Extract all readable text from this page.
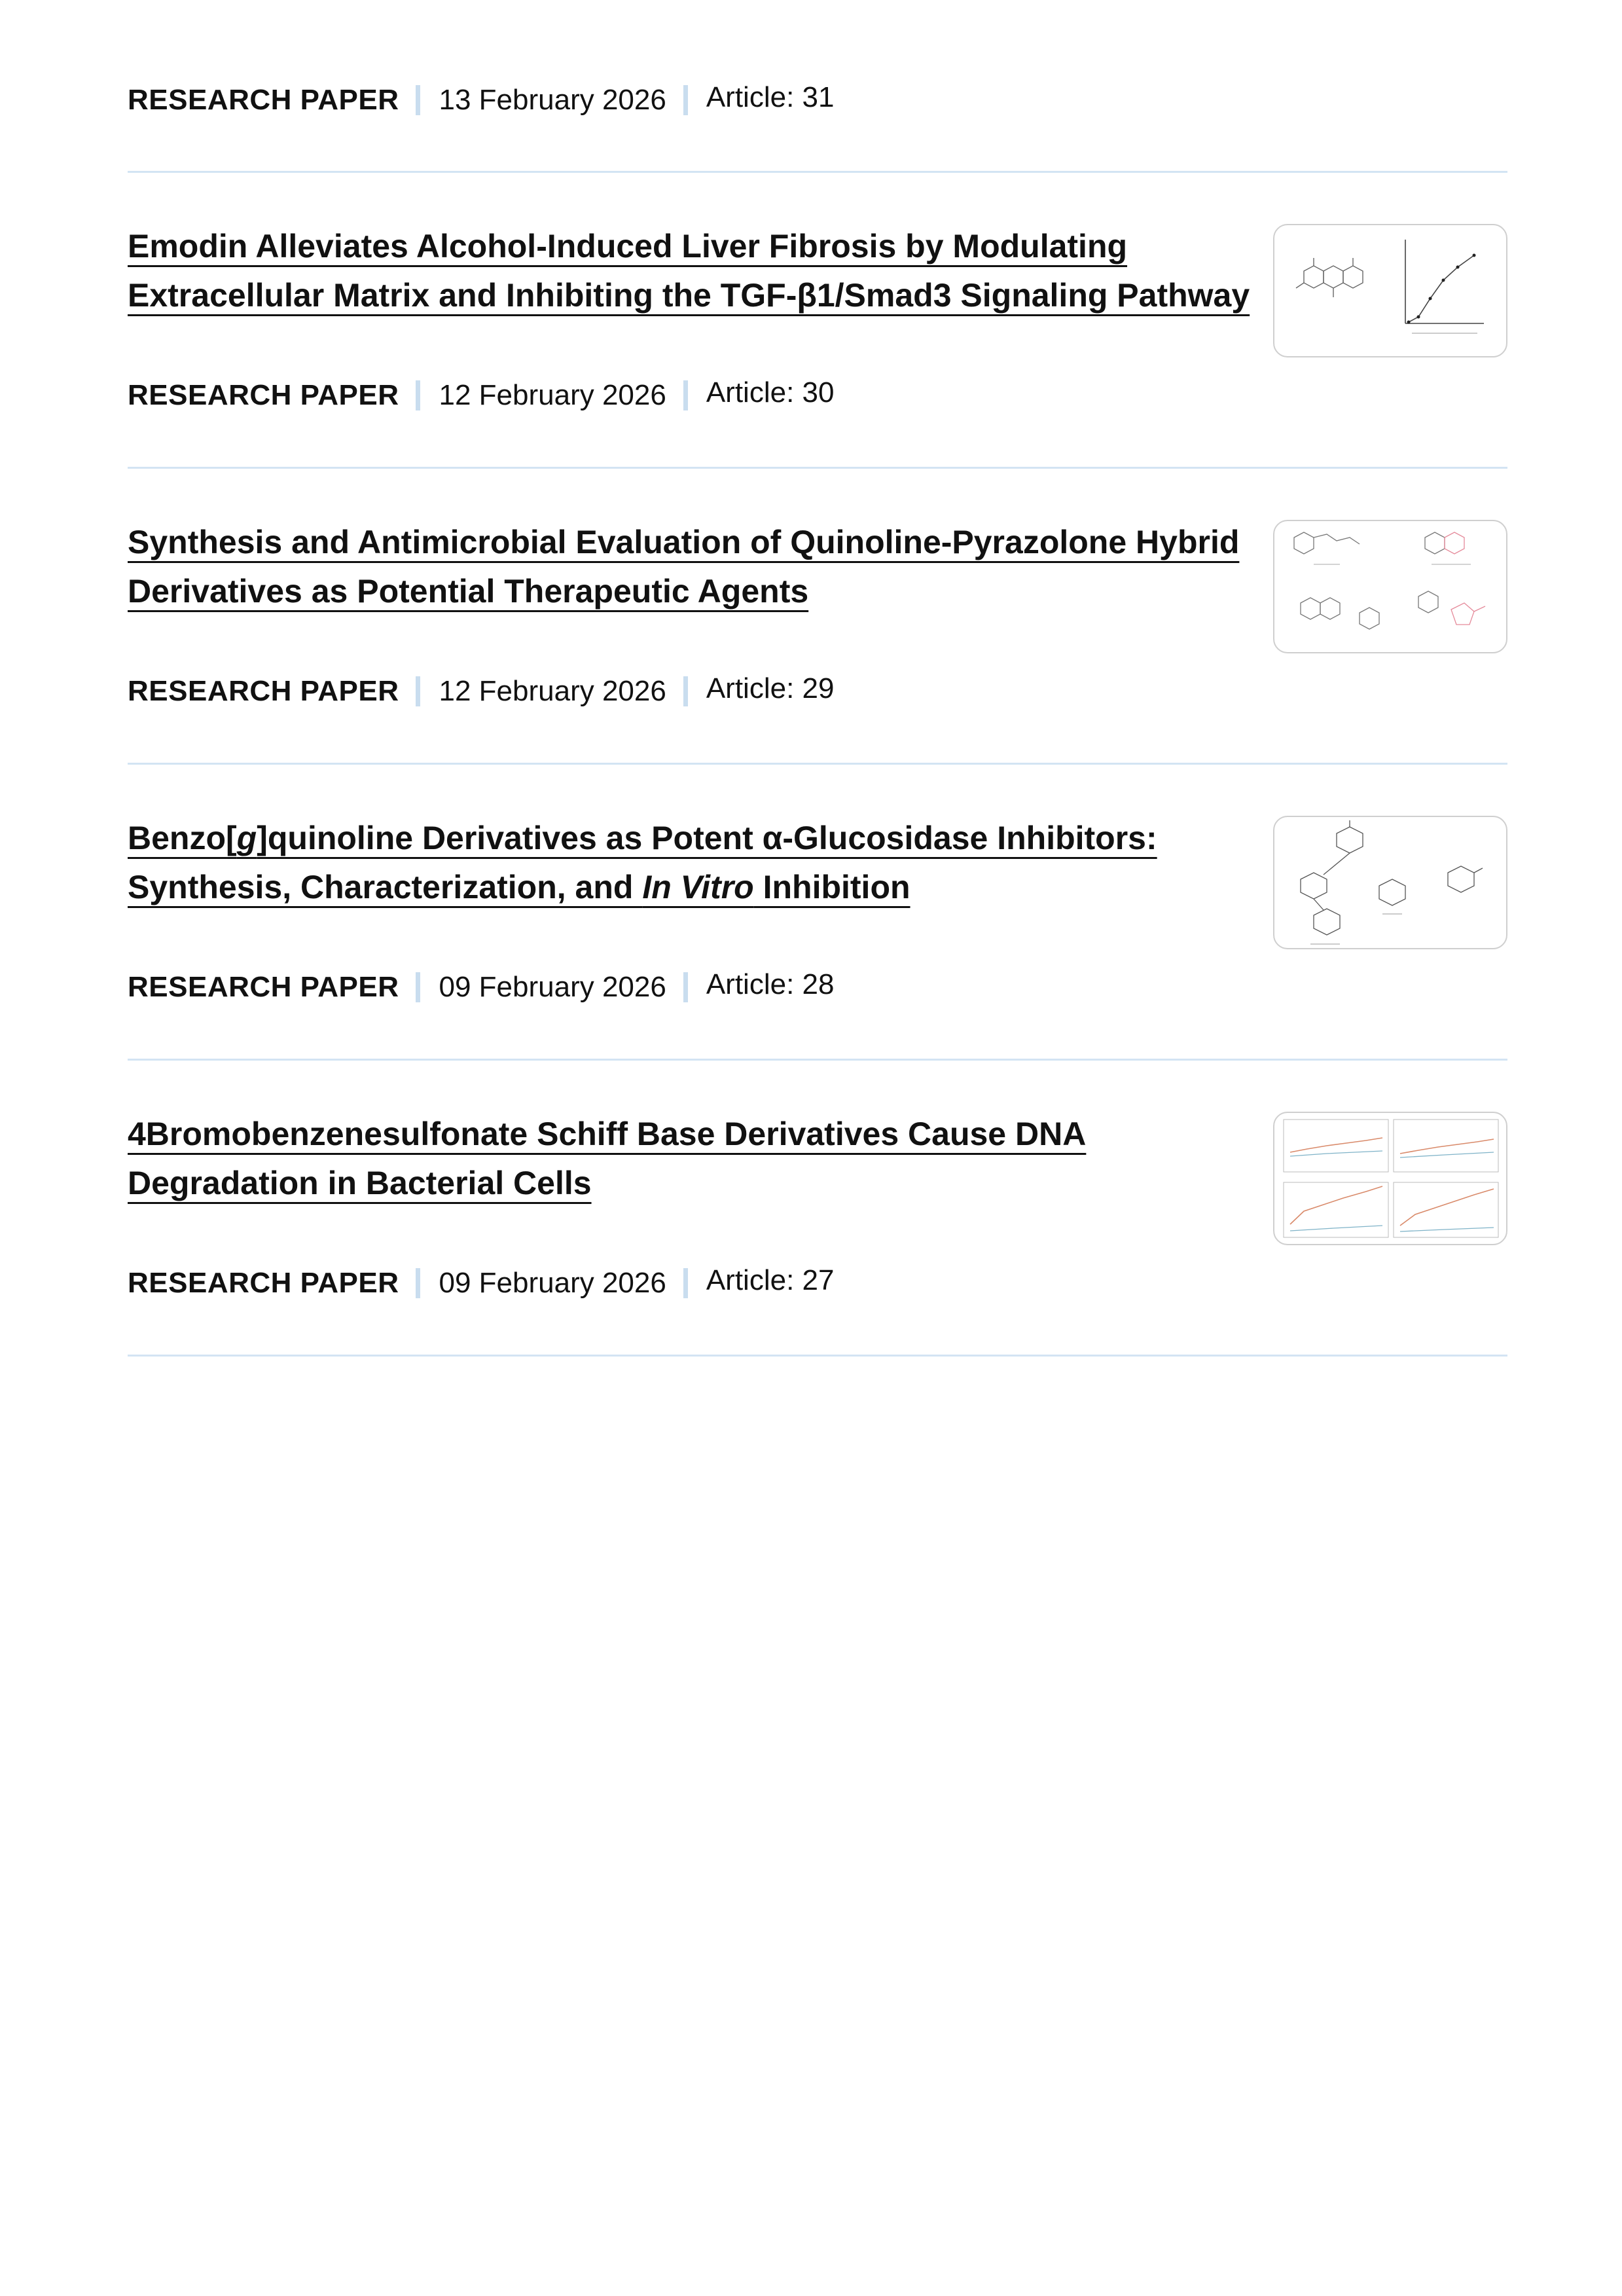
RESEARCH PAPER 13 February 2026 Article: 31
Emodin Alleviates Alcohol-Induced Liver Fibrosis by Modulating
Extracellular Matrix and Inhibiting the TGF-β1/Smad3 Signaling Pathway
RESEARCH PAPER 12 February 2026 Article: 30
Synthesis and Antimicrobial Evaluation of Quinoline-Pyrazolone Hybrid
Derivatives as Potential Therapeutic Agents
RESEARCH PAPER 12 February 2026 Article: 29
Benzo[g]quinoline Derivatives as Potent α-Glucosidase Inhibitors:
Synthesis, Characterization, and In Vitro Inhibition
RESEARCH PAPER 09 February 2026 Article: 28
4Bromobenzenesulfonate Schiff Base Derivatives Cause DNA
Degradation in Bacterial Cells
RESEARCH PAPER 09 February 2026 Article: 27
